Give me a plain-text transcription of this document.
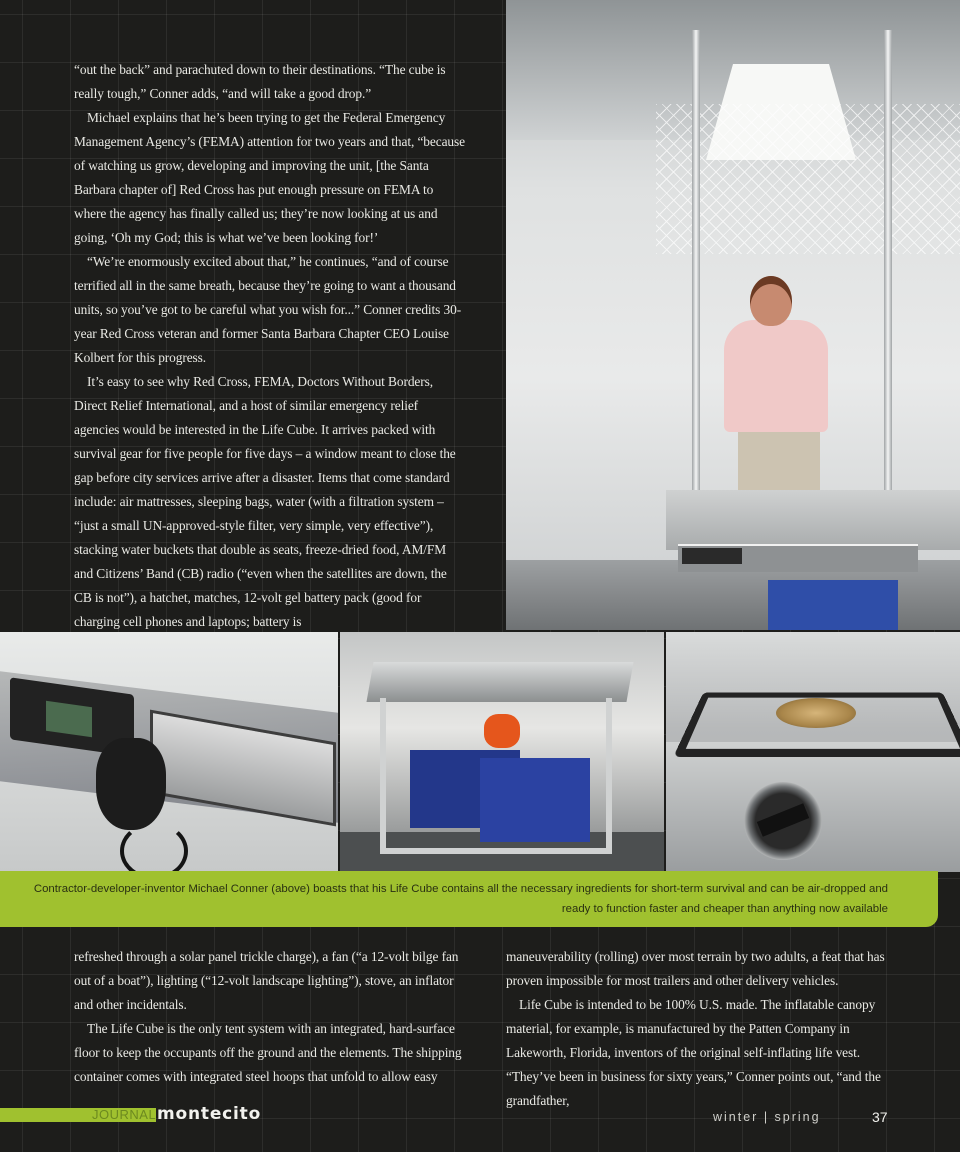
“out the back” and parachuted down to their destinations. “The cube is really tough,” Conner adds, “and will take a good drop.”

Michael explains that he’s been trying to get the Federal Emergency Management Agency’s (FEMA) attention for two years and that, “because of watching us grow, developing and improving the unit, [the Santa Barbara chapter of] Red Cross has put enough pressure on FEMA to where the agency has finally called us; they’re now looking at us and going, ‘Oh my God; this is what we’ve been looking for!’

“We’re enormously excited about that,” he continues, “and of course terrified all in the same breath, because they’re going to want a thousand units, so you’ve got to be careful what you wish for...” Conner credits 30-year Red Cross veteran and former Santa Barbara Chapter CEO Louise Kolbert for this progress.

It’s easy to see why Red Cross, FEMA, Doctors Without Borders, Direct Relief International, and a host of similar emergency relief agencies would be interested in the Life Cube. It arrives packed with survival gear for five people for five days – a window meant to close the gap before city services arrive after a disaster. Items that come standard include: air mattresses, sleeping bags, water (with a filtration system – “just a small UN-approved-style filter, very simple, very effective”), stacking water buckets that double as seats, freeze-dried food, AM/FM and Citizens’ Band (CB) radio (“even when the satellites are down, the CB is not”), a hatchet, matches, 12-volt gel battery pack (good for charging cell phones and laptops; battery is

Contractor-developer-inventor Michael Conner (above) boasts that his Life Cube contains all the necessary ingredients for short-term survival and can be air-dropped and ready to function faster and cheaper than anything now available

refreshed through a solar panel trickle charge), a fan (“a 12-volt bilge fan out of a boat”), lighting (“12-volt landscape lighting”), stove, an inflator and other incidentals.

The Life Cube is the only tent system with an integrated, hard-surface floor to keep the occupants off the ground and the elements. The shipping container comes with integrated steel hoops that unfold to allow easy

maneuverability (rolling) over most terrain by two adults, a feat that has proven impossible for most trailers and other delivery vehicles.

Life Cube is intended to be 100% U.S. made. The inflatable canopy material, for example, is manufactured by the Patten Company in Lakeworth, Florida, inventors of the original self-inflating life vest. “They’ve been in business for sixty years,” Conner points out, “and the grandfather,

JOURNAL montecito	winter | spring	37
